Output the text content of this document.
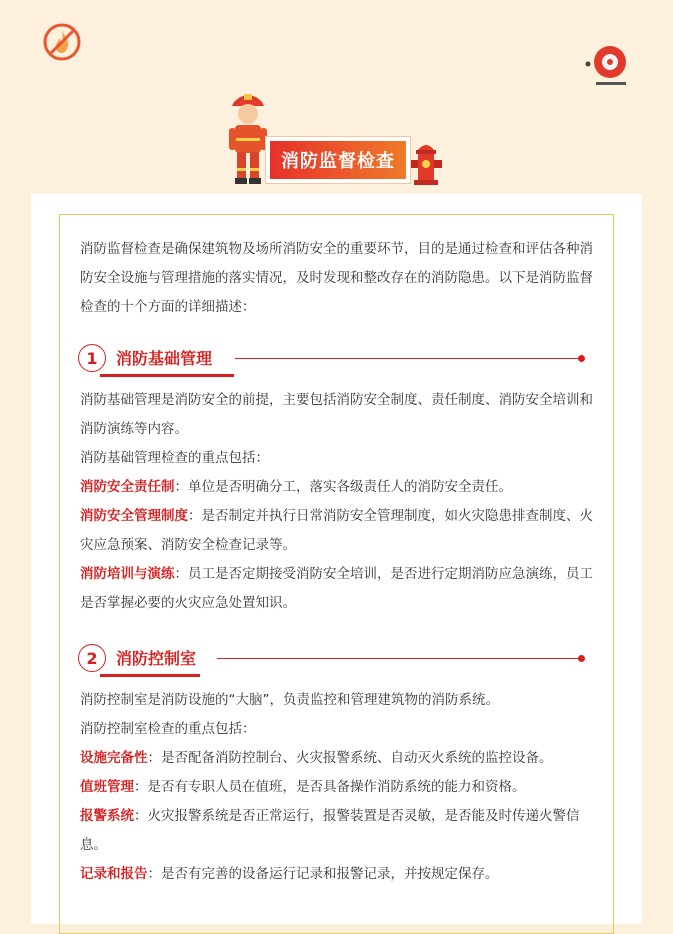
消防监督检查

消防监督检查是确保建筑物及场所消防安全的重要环节，目的是通过检查和评估各种消防安全设施与管理措施的落实情况，及时发现和整改存在的消防隐患。以下是消防监督检查的十个方面的详细描述：

1	消防基础管理

消防基础管理是消防安全的前提，主要包括消防安全制度、责任制度、消防安全培训和消防演练等内容。

消防基础管理检查的重点包括：

消防安全责任制：单位是否明确分工，落实各级责任人的消防安全责任。

消防安全管理制度：是否制定并执行日常消防安全管理制度，如火灾隐患排查制度、火灾应急预案、消防安全检查记录等。

消防培训与演练：员工是否定期接受消防安全培训，是否进行定期消防应急演练，员工是否掌握必要的火灾应急处置知识。

2	消防控制室

消防控制室是消防设施的“大脑”，负责监控和管理建筑物的消防系统。

消防控制室检查的重点包括：

设施完备性：是否配备消防控制台、火灾报警系统、自动灭火系统的监控设备。

值班管理：是否有专职人员在值班，是否具备操作消防系统的能力和资格。

报警系统：火灾报警系统是否正常运行，报警装置是否灵敏，是否能及时传递火警信息。

记录和报告：是否有完善的设备运行记录和报警记录，并按规定保存。
